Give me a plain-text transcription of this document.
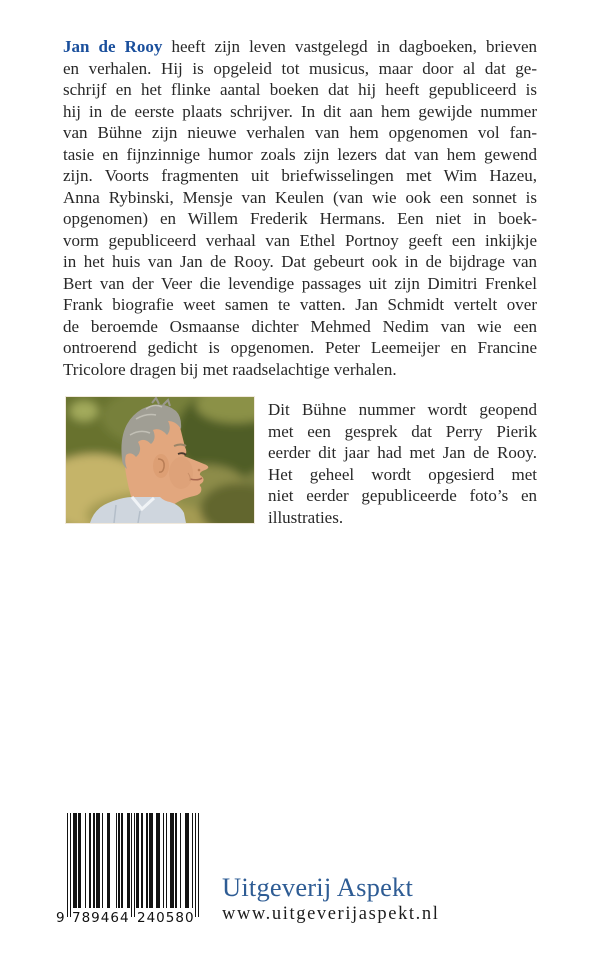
Jan de Rooy heeft zijn leven vastgelegd in dagboeken, brieven
en verhalen. Hij is opgeleid tot musicus, maar door al dat ge-
schrijf en het flinke aantal boeken dat hij heeft gepubliceerd is
hij in de eerste plaats schrijver. In dit aan hem gewijde nummer
van Bühne zijn nieuwe verhalen van hem opgenomen vol fan-
tasie en fijnzinnige humor zoals zijn lezers dat van hem gewend
zijn. Voorts fragmenten uit briefwisselingen met Wim Hazeu,
Anna Rybinski, Mensje van Keulen (van wie ook een sonnet is
opgenomen) en Willem Frederik Hermans. Een niet in boek-
vorm gepubliceerd verhaal van Ethel Portnoy geeft een inkijkje
in het huis van Jan de Rooy. Dat gebeurt ook in de bijdrage van
Bert van der Veer die levendige passages uit zijn Dimitri Frenkel
Frank biografie weet samen te vatten. Jan Schmidt vertelt over
de beroemde Osmaanse dichter Mehmed Nedim van wie een
ontroerend gedicht is opgenomen. Peter Leemeijer en Francine
Tricolore dragen bij met raadselachtige verhalen.
Dit Bühne nummer wordt geopend
met een gesprek dat Perry Pierik
eerder dit jaar had met Jan de Rooy.
Het geheel wordt opgesierd met
niet eerder gepubliceerde foto’s en
illustraties.
9 789464 240580
Uitgeverij Aspekt
www.uitgeverijaspekt.nl
